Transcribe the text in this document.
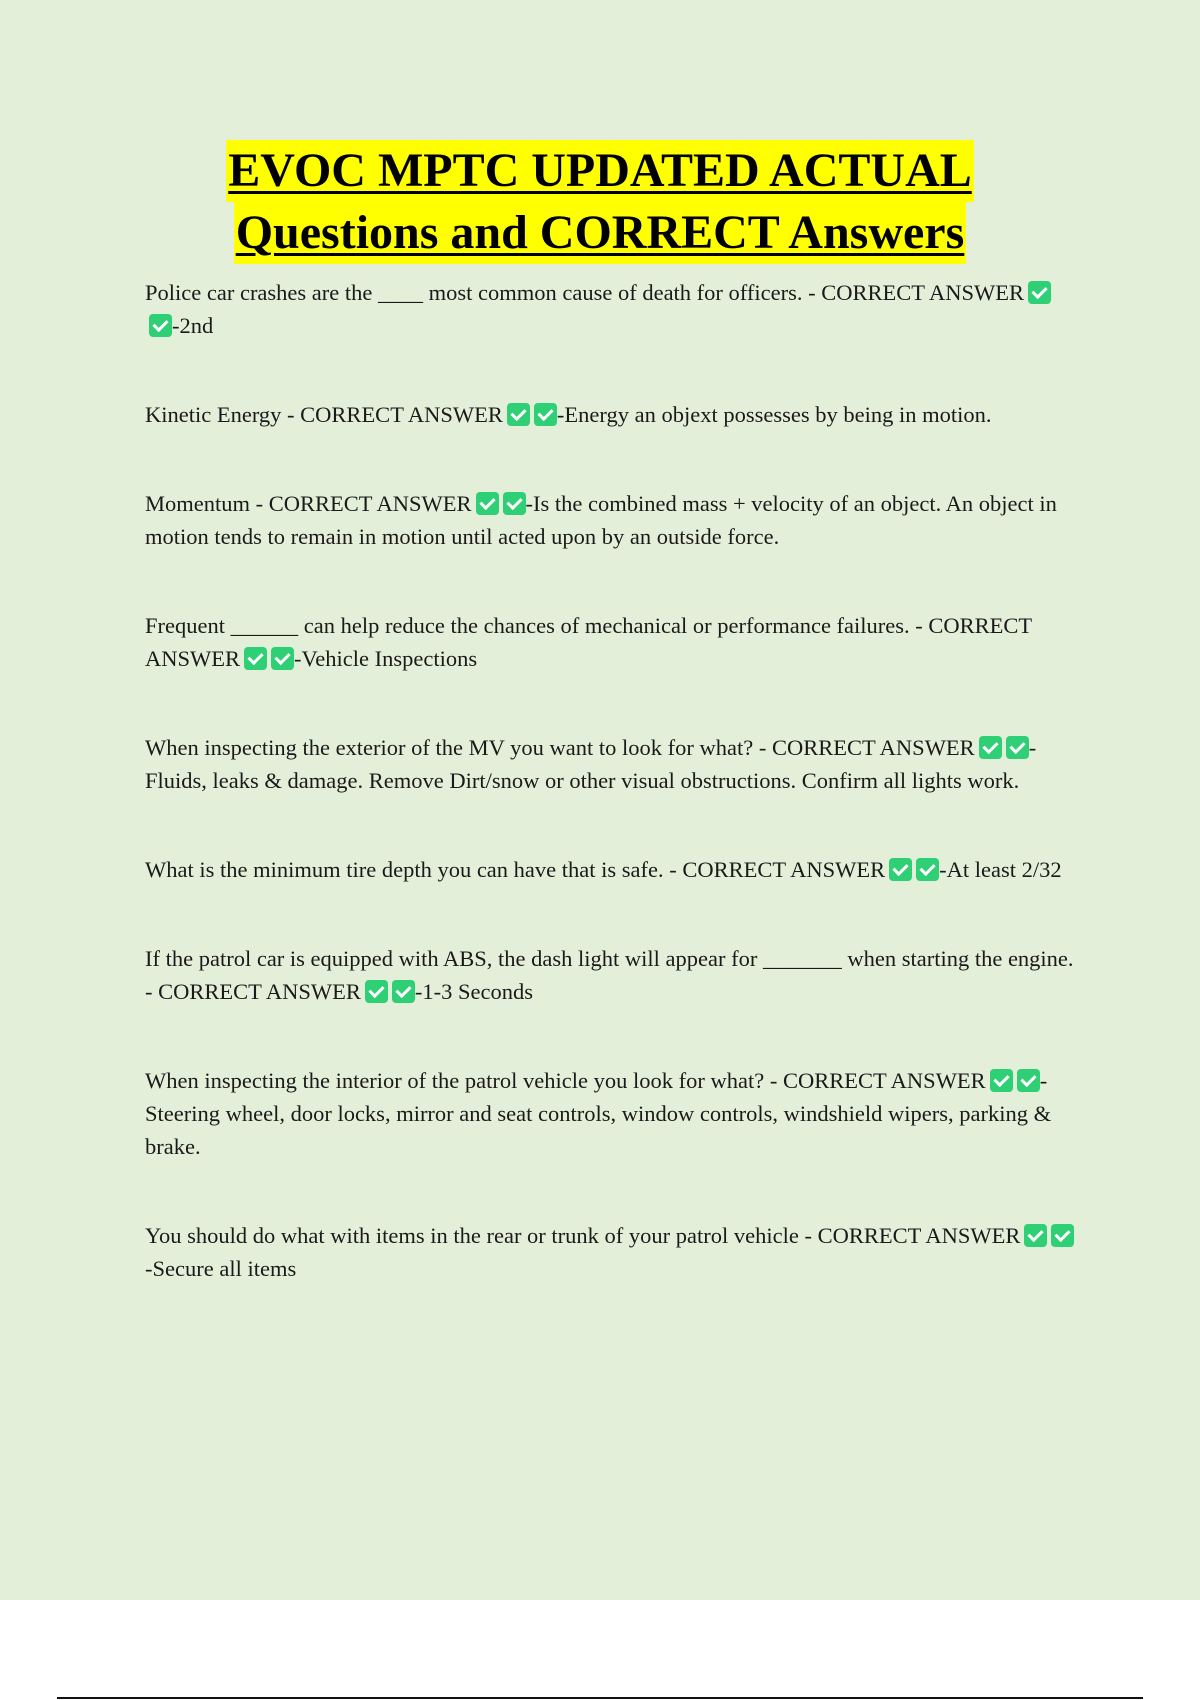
EVOC MPTC UPDATED ACTUAL
Questions and CORRECT Answers

Police car crashes are the ____ most common cause of death for officers. - CORRECT ANSWER-2nd

Kinetic Energy - CORRECT ANSWER -Energy an objext possesses by being in motion.

Momentum - CORRECT ANSWER -Is the combined mass + velocity of an object. An object in motion tends to remain in motion until acted upon by an outside force.

Frequent ______ can help reduce the chances of mechanical or performance failures. - CORRECT ANSWER -Vehicle Inspections

When inspecting the exterior of the MV you want to look for what? - CORRECT ANSWER -Fluids, leaks & damage. Remove Dirt/snow or other visual obstructions. Confirm all lights work.

What is the minimum tire depth you can have that is safe. - CORRECT ANSWER -At least 2/32

If the patrol car is equipped with ABS, the dash light will appear for _______ when starting the engine. - CORRECT ANSWER -1-3 Seconds

When inspecting the interior of the patrol vehicle you look for what? - CORRECT ANSWER -Steering wheel, door locks, mirror and seat controls, window controls, windshield wipers, parking & brake.

You should do what with items in the rear or trunk of your patrol vehicle - CORRECT ANSWER-Secure all items
